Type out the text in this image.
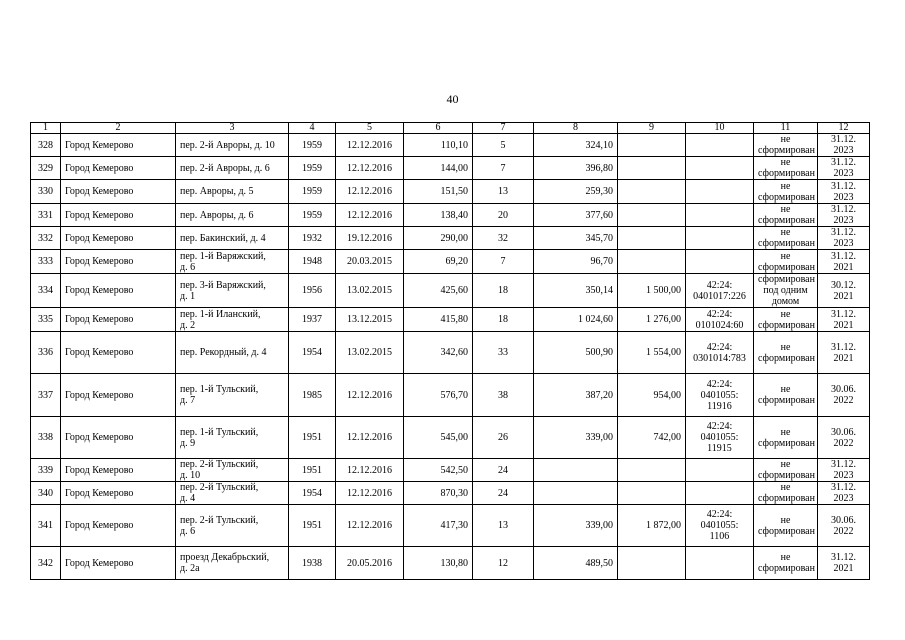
40
1	2	3	4	5	6	7	8	9	10	11	12
328	Город Кемерово	пер. 2-й Авроры, д. 10	1959	12.12.2016	110,10	5	324,10			не
сформирован	31.12.
2023
329	Город Кемерово	пер. 2-й Авроры, д. 6	1959	12.12.2016	144,00	7	396,80			не
сформирован	31.12.
2023
330	Город Кемерово	пер. Авроры, д. 5	1959	12.12.2016	151,50	13	259,30			не
сформирован	31.12.
2023
331	Город Кемерово	пер. Авроры, д. 6	1959	12.12.2016	138,40	20	377,60			не
сформирован	31.12.
2023
332	Город Кемерово	пер. Бакинский, д. 4	1932	19.12.2016	290,00	32	345,70			не
сформирован	31.12.
2023
333	Город Кемерово	пер. 1-й Варяжский,
д. 6	1948	20.03.2015	69,20	7	96,70			не
сформирован	31.12.
2021
334	Город Кемерово	пер. 3-й Варяжский,
д. 1	1956	13.02.2015	425,60	18	350,14	1 500,00	42:24:
0401017:226	сформирован
под одним
домом	30.12.
2021
335	Город Кемерово	пер. 1-й Иланский,
д. 2	1937	13.12.2015	415,80	18	1 024,60	1 276,00	42:24:
0101024:60	не
сформирован	31.12.
2021
336	Город Кемерово	пер. Рекордный, д. 4	1954	13.02.2015	342,60	33	500,90	1 554,00	42:24:
0301014:783	не
сформирован	31.12.
2021
337	Город Кемерово	пер. 1-й Тульский,
д. 7	1985	12.12.2016	576,70	38	387,20	954,00	42:24:
0401055:
11916	не
сформирован	30.06.
2022
338	Город Кемерово	пер. 1-й Тульский,
д. 9	1951	12.12.2016	545,00	26	339,00	742,00	42:24:
0401055:
11915	не
сформирован	30.06.
2022
339	Город Кемерово	пер. 2-й Тульский,
д. 10	1951	12.12.2016	542,50	24				не
сформирован	31.12.
2023
340	Город Кемерово	пер. 2-й Тульский,
д. 4	1954	12.12.2016	870,30	24				не
сформирован	31.12.
2023
341	Город Кемерово	пер. 2-й Тульский,
д. 6	1951	12.12.2016	417,30	13	339,00	1 872,00	42:24:
0401055:
1106	не
сформирован	30.06.
2022
342	Город Кемерово	проезд Декабрьский,
д. 2а	1938	20.05.2016	130,80	12	489,50			не
сформирован	31.12.
2021
